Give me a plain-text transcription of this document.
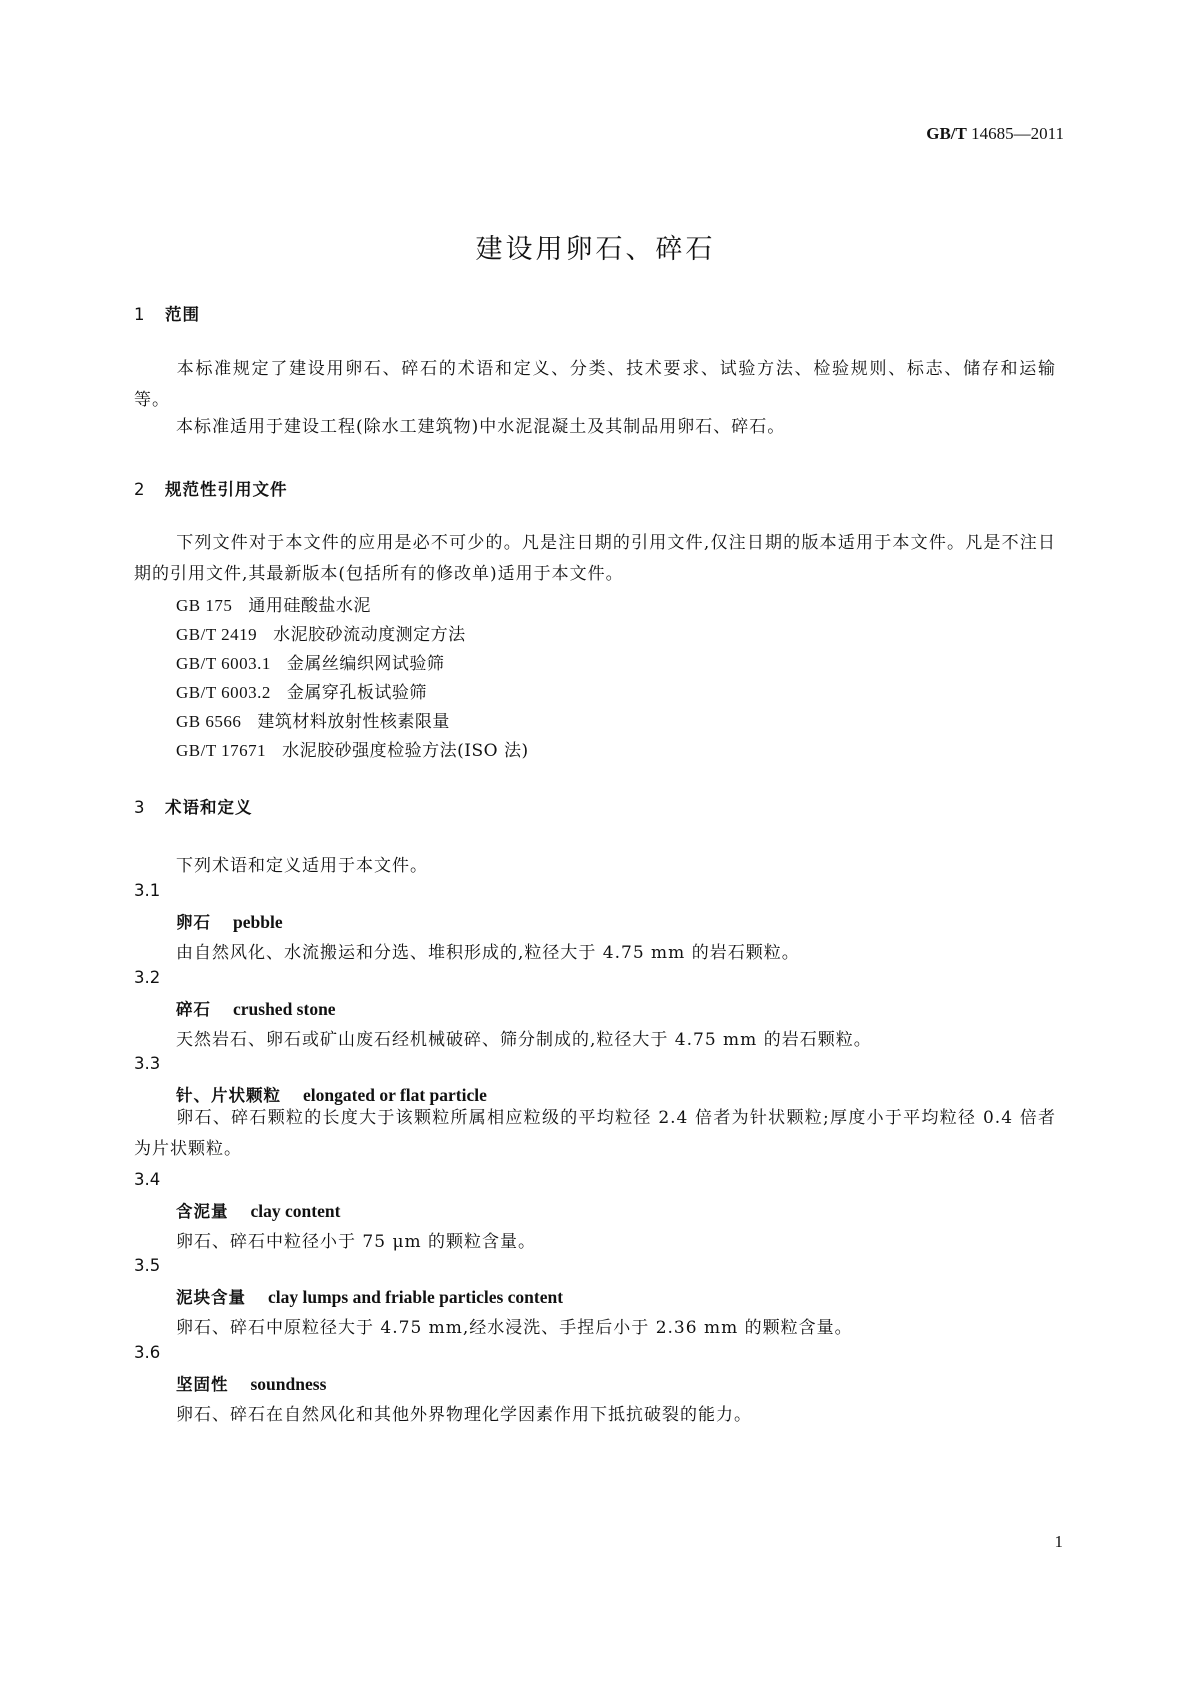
GB/T 14685—2011
建设用卵石、碎石
1 范围
本标准规定了建设用卵石、碎石的术语和定义、分类、技术要求、试验方法、检验规则、标志、储存和运输等。
本标准适用于建设工程(除水工建筑物)中水泥混凝土及其制品用卵石、碎石。
2 规范性引用文件
下列文件对于本文件的应用是必不可少的。凡是注日期的引用文件,仅注日期的版本适用于本文件。凡是不注日期的引用文件,其最新版本(包括所有的修改单)适用于本文件。
GB 175 通用硅酸盐水泥
GB/T 2419 水泥胶砂流动度测定方法
GB/T 6003.1 金属丝编织网试验筛
GB/T 6003.2 金属穿孔板试验筛
GB 6566 建筑材料放射性核素限量
GB/T 17671 水泥胶砂强度检验方法(ISO 法)
3 术语和定义
下列术语和定义适用于本文件。
3.1
卵石 pebble
由自然风化、水流搬运和分选、堆积形成的,粒径大于 4.75 mm 的岩石颗粒。
3.2
碎石 crushed stone
天然岩石、卵石或矿山废石经机械破碎、筛分制成的,粒径大于 4.75 mm 的岩石颗粒。
3.3
针、片状颗粒 elongated or flat particle
卵石、碎石颗粒的长度大于该颗粒所属相应粒级的平均粒径 2.4 倍者为针状颗粒;厚度小于平均粒径 0.4 倍者为片状颗粒。
3.4
含泥量 clay content
卵石、碎石中粒径小于 75 μm 的颗粒含量。
3.5
泥块含量 clay lumps and friable particles content
卵石、碎石中原粒径大于 4.75 mm,经水浸洗、手捏后小于 2.36 mm 的颗粒含量。
3.6
坚固性 soundness
卵石、碎石在自然风化和其他外界物理化学因素作用下抵抗破裂的能力。
1
